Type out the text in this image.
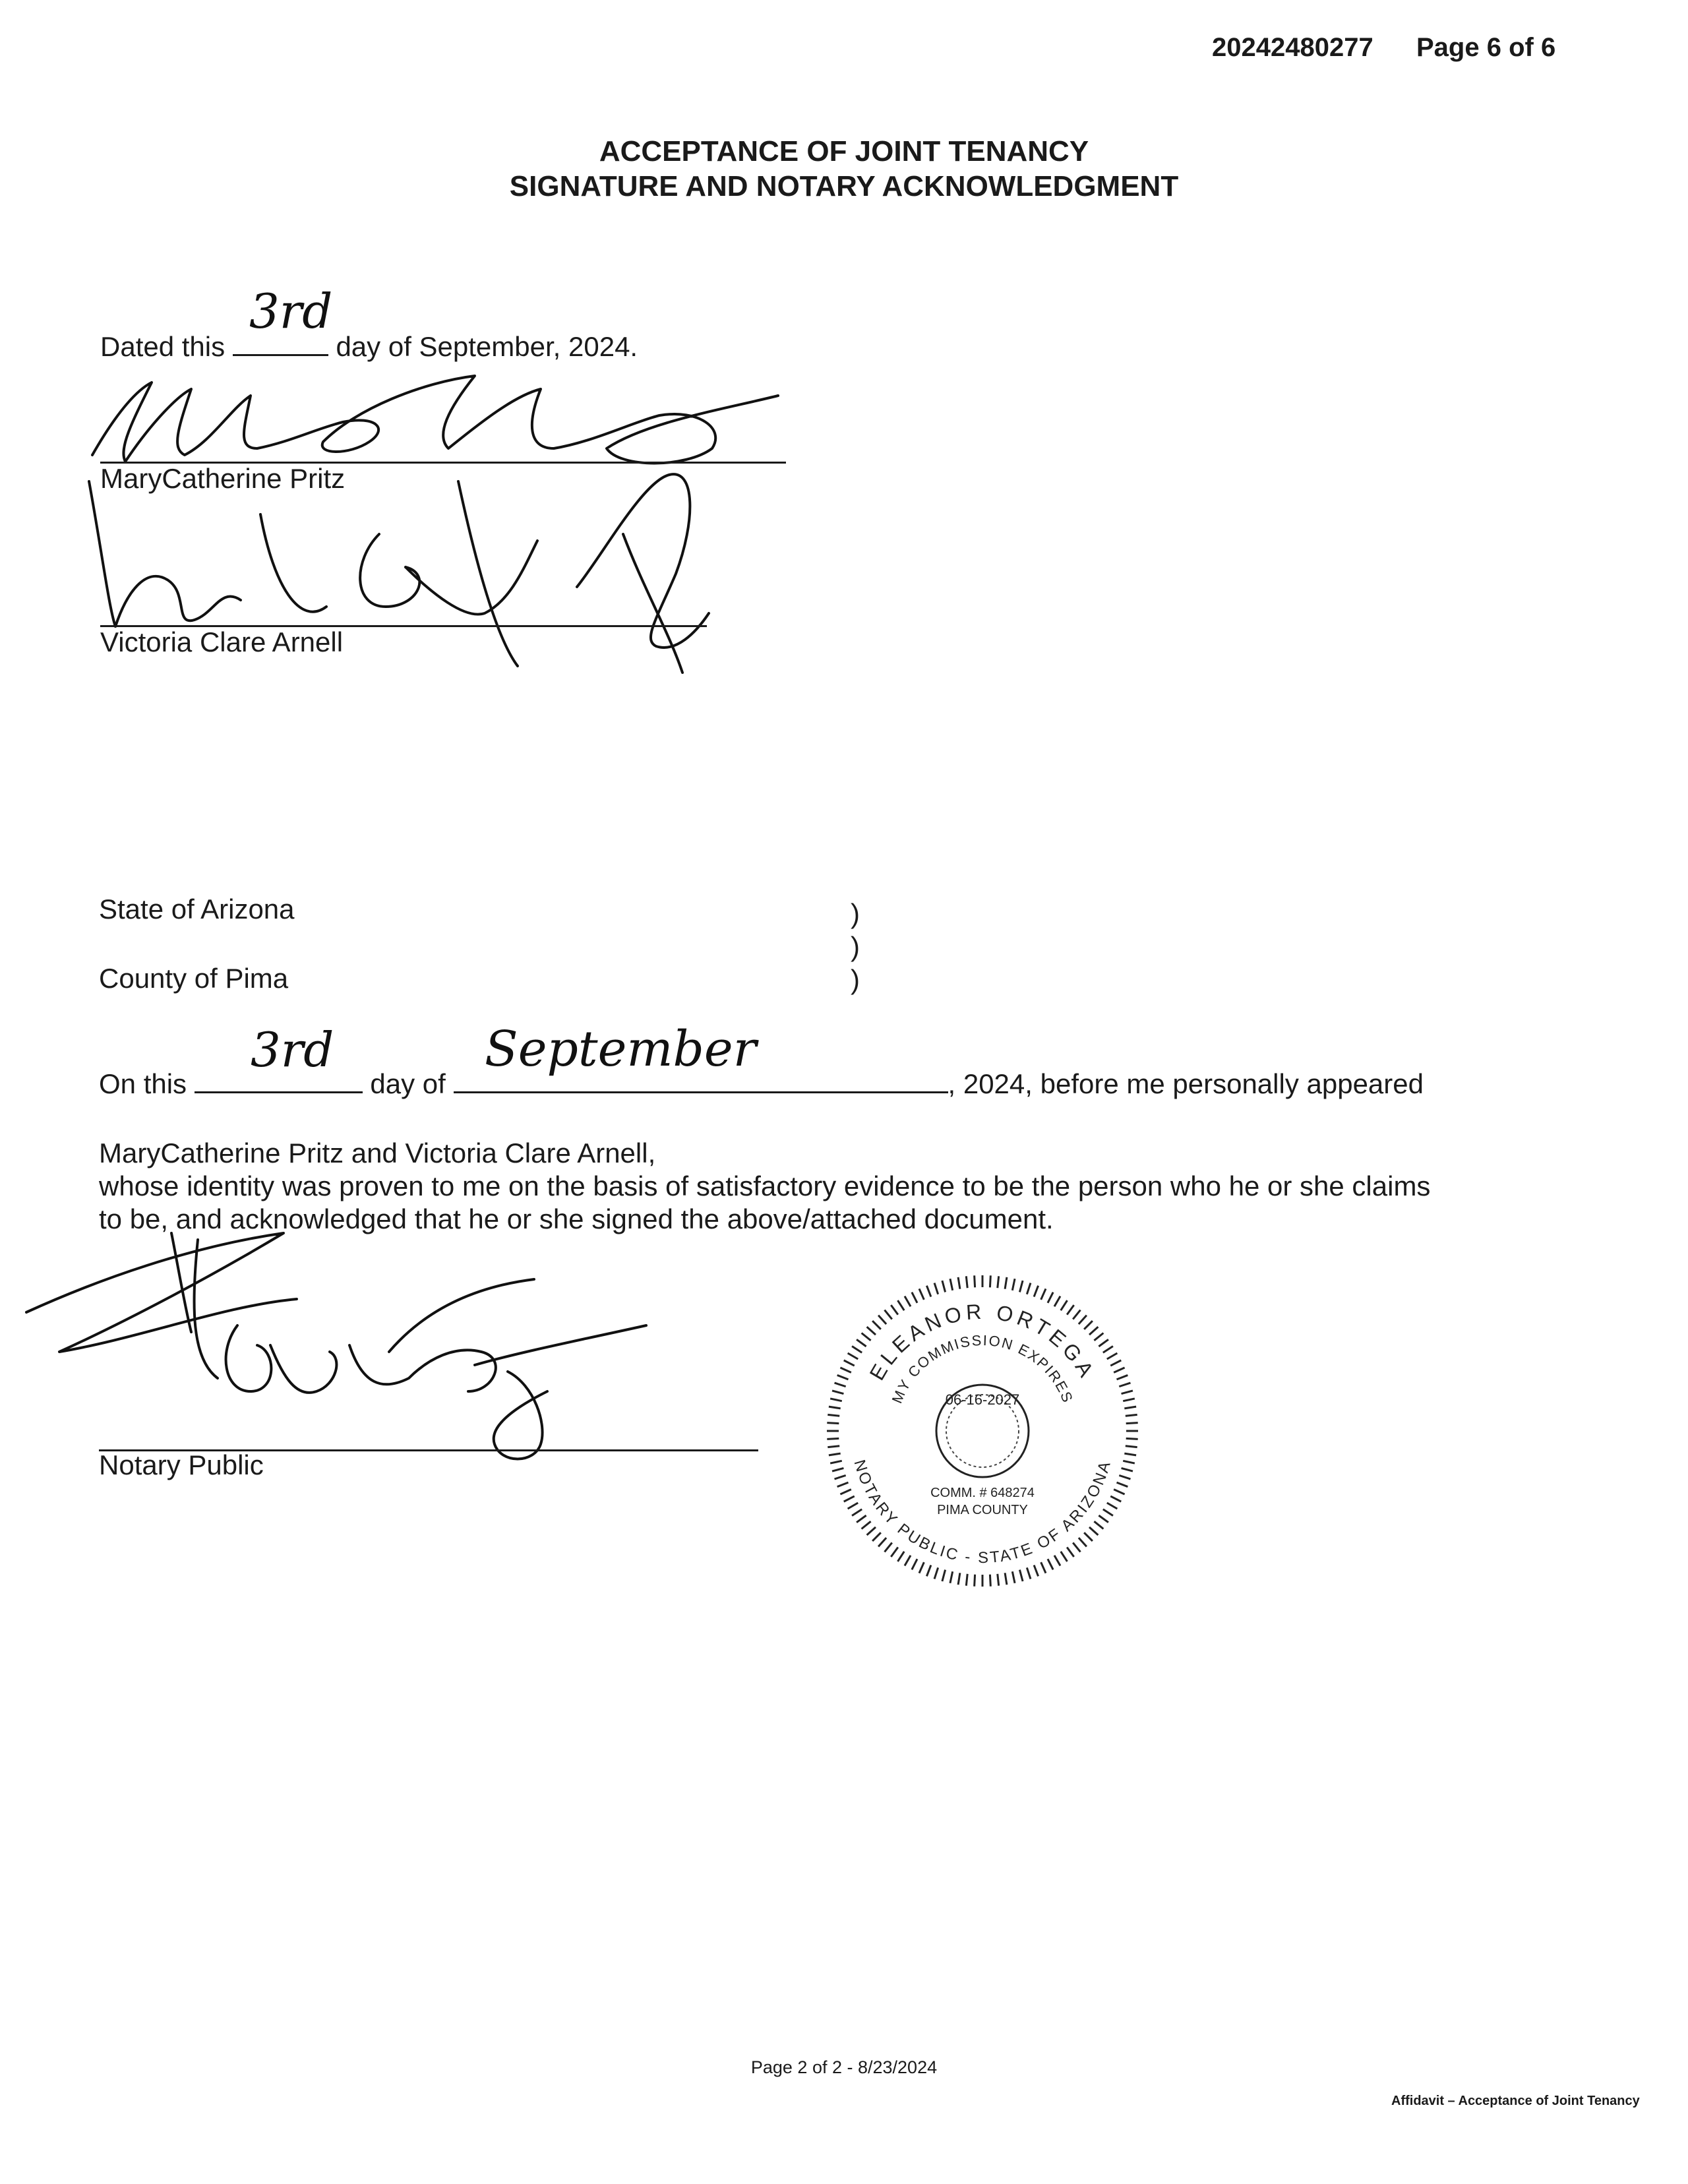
20242480277 Page 6 of 6
ACCEPTANCE OF JOINT TENANCY
SIGNATURE AND NOTARY ACKNOWLEDGMENT
Dated this	day of September, 2024.
3rd
MaryCatherine Pritz
Victoria Clare Arnell
State of Arizona
County of Pima
)
)
)
On this	day of	, 2024, before me personally appeared
3rd	September
MaryCatherine Pritz and Victoria Clare Arnell,
whose identity was proven to me on the basis of satisfactory evidence to be the person who he or she claims
to be, and acknowledged that he or she signed the above/attached document.
Notary Public
ELEANOR ORTEGA
MY COMMISSION EXPIRES
06-16-2027
COMM. # 648274
PIMA COUNTY
NOTARY PUBLIC - STATE OF ARIZONA
Page 2 of 2 - 8/23/2024
Affidavit – Acceptance of Joint Tenancy
